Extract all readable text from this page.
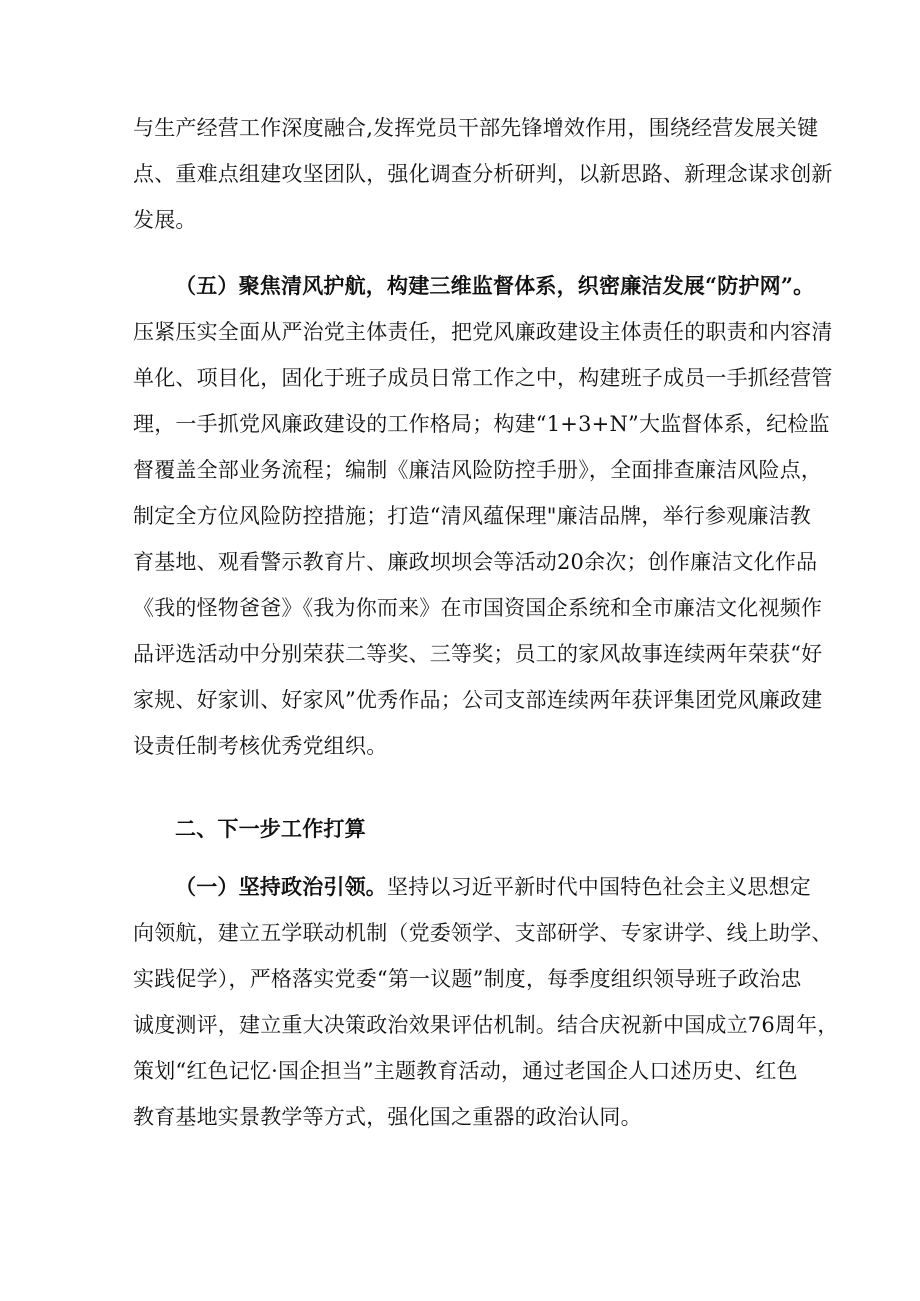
与生产经营工作深度融合,发挥党员干部先锋增效作用，围绕经营发展关键
点、重难点组建攻坚团队，强化调查分析研判，以新思路、新理念谋求创新
发展。
（五）聚焦清风护航，构建三维监督体系，织密廉洁发展“防护网”。
压紧压实全面从严治党主体责任，把党风廉政建设主体责任的职责和内容清
单化、项目化，固化于班子成员日常工作之中，构建班子成员一手抓经营管
理，一手抓党风廉政建设的工作格局；构建“1+3+N”大监督体系，纪检监
督覆盖全部业务流程；编制《廉洁风险防控手册》，全面排查廉洁风险点，
制定全方位风险防控措施；打造“清风蕴保理"廉洁品牌，举行参观廉洁教
育基地、观看警示教育片、廉政坝坝会等活动20余次；创作廉洁文化作品
《我的怪物爸爸》《我为你而来》在市国资国企系统和全市廉洁文化视频作
品评选活动中分别荣获二等奖、三等奖；员工的家风故事连续两年荣获“好
家规、好家训、好家风”优秀作品；公司支部连续两年获评集团党风廉政建
设责任制考核优秀党组织。
二、下一步工作打算
（一）坚持政治引领。坚持以习近平新时代中国特色社会主义思想定
向领航，建立五学联动机制（党委领学、支部研学、专家讲学、线上助学、
实践促学），严格落实党委“第一议题”制度，每季度组织领导班子政治忠
诚度测评，建立重大决策政治效果评估机制。结合庆祝新中国成立76周年，
策划“红色记忆·国企担当”主题教育活动，通过老国企人口述历史、红色
教育基地实景教学等方式，强化国之重器的政治认同。
